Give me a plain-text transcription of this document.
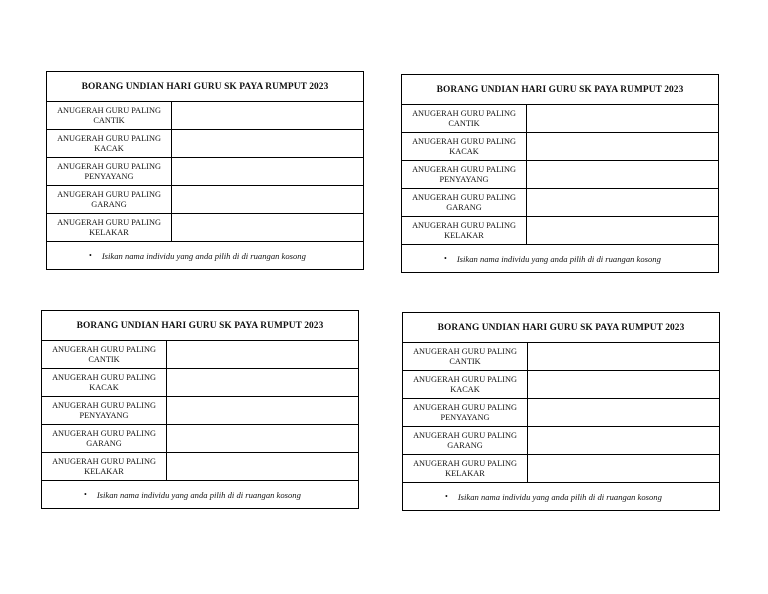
BORANG UNDIAN HARI GURU SK PAYA RUMPUT 2023
ANUGERAH GURU PALING
CANTIK
ANUGERAH GURU PALING
KACAK
ANUGERAH GURU PALING
PENYAYANG
ANUGERAH GURU PALING
GARANG
ANUGERAH GURU PALING
KELAKAR
• Isikan nama individu yang anda pilih di di ruangan kosong
BORANG UNDIAN HARI GURU SK PAYA RUMPUT 2023
ANUGERAH GURU PALING
CANTIK
ANUGERAH GURU PALING
KACAK
ANUGERAH GURU PALING
PENYAYANG
ANUGERAH GURU PALING
GARANG
ANUGERAH GURU PALING
KELAKAR
• Isikan nama individu yang anda pilih di di ruangan kosong
BORANG UNDIAN HARI GURU SK PAYA RUMPUT 2023
ANUGERAH GURU PALING
CANTIK
ANUGERAH GURU PALING
KACAK
ANUGERAH GURU PALING
PENYAYANG
ANUGERAH GURU PALING
GARANG
ANUGERAH GURU PALING
KELAKAR
• Isikan nama individu yang anda pilih di di ruangan kosong
BORANG UNDIAN HARI GURU SK PAYA RUMPUT 2023
ANUGERAH GURU PALING
CANTIK
ANUGERAH GURU PALING
KACAK
ANUGERAH GURU PALING
PENYAYANG
ANUGERAH GURU PALING
GARANG
ANUGERAH GURU PALING
KELAKAR
• Isikan nama individu yang anda pilih di di ruangan kosong
